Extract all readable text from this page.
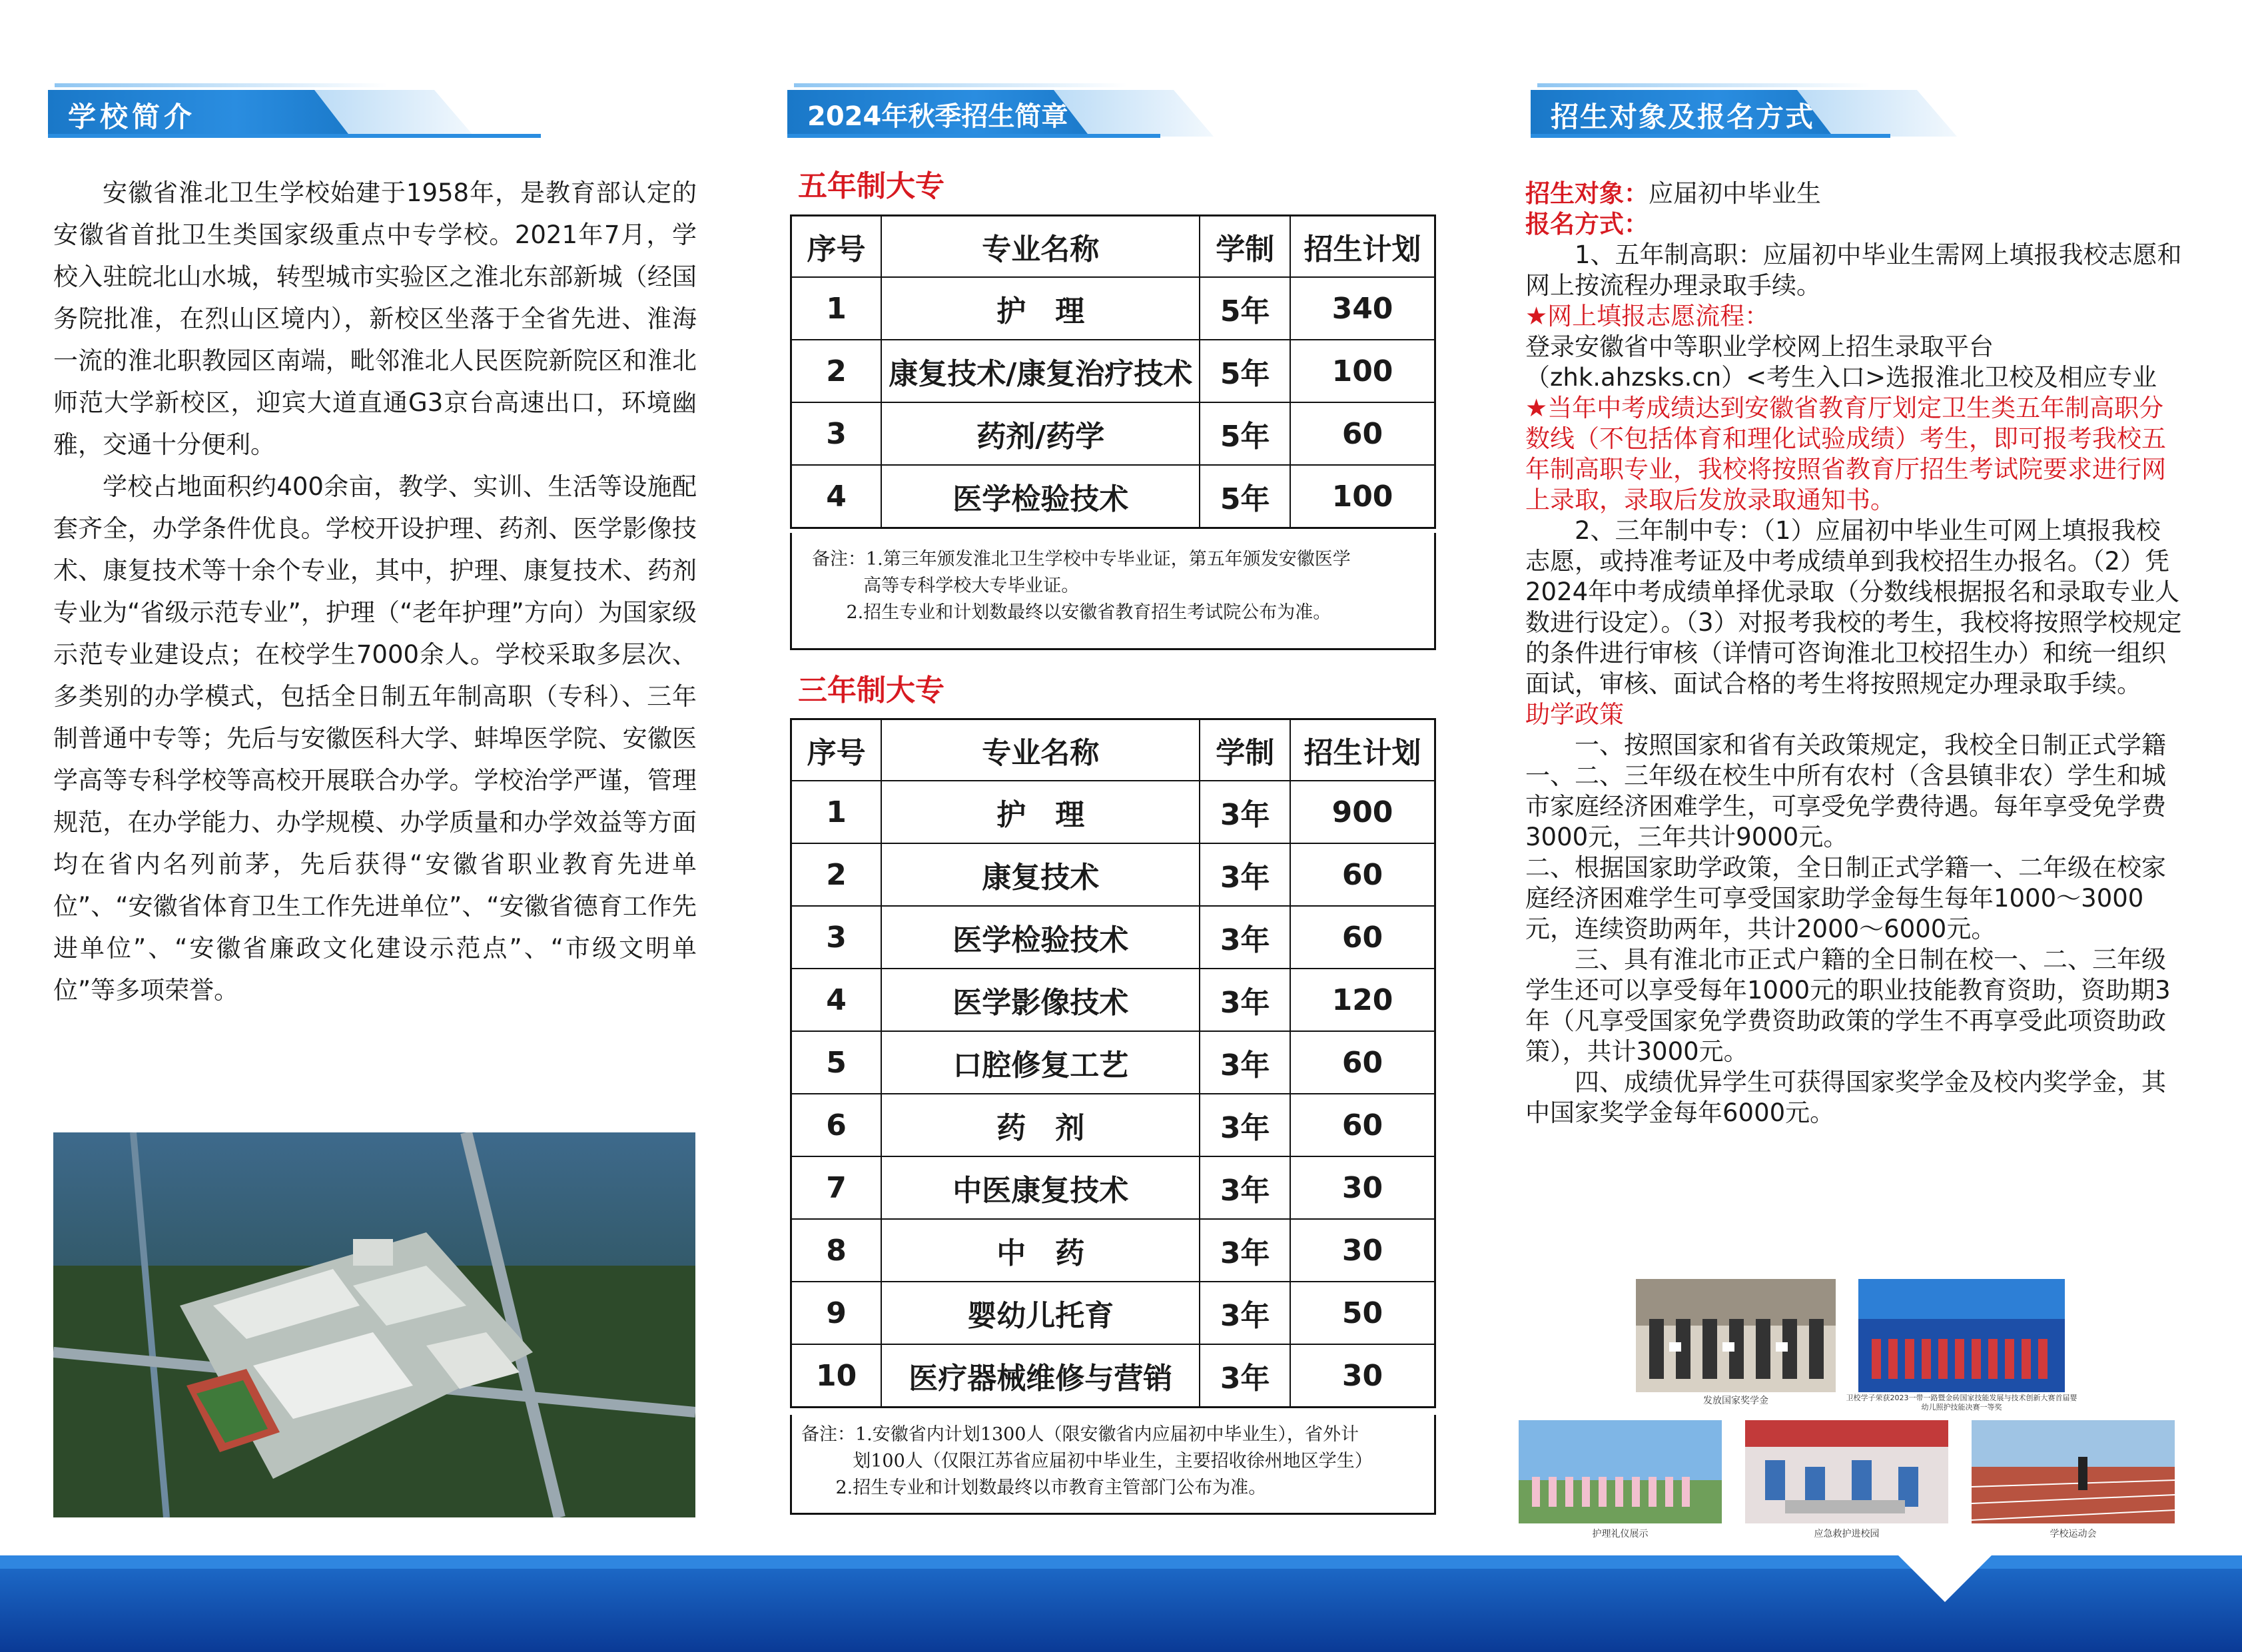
学校简介

安徽省淮北卫生学校始建于1958年，是教育部认定的安徽省首批卫生类国家级重点中专学校。2021年7月，学校入驻皖北山水城，转型城市实验区之淮北东部新城（经国务院批准，在烈山区境内），新校区坐落于全省先进、淮海一流的淮北职教园区南端，毗邻淮北人民医院新院区和淮北师范大学新校区，迎宾大道直通G3京台高速出口，环境幽雅，交通十分便利。

学校占地面积约400余亩，教学、实训、生活等设施配套齐全，办学条件优良。学校开设护理、药剂、医学影像技术、康复技术等十余个专业，其中，护理、康复技术、药剂专业为“省级示范专业”，护理（“老年护理”方向）为国家级示范专业建设点；在校学生7000余人。学校采取多层次、多类别的办学模式，包括全日制五年制高职（专科）、三年制普通中专等；先后与安徽医科大学、蚌埠医学院、安徽医学高等专科学校等高校开展联合办学。学校治学严谨，管理规范，在办学能力、办学规模、办学质量和办学效益等方面均在省内名列前茅，先后获得“安徽省职业教育先进单位”、“安徽省体育卫生工作先进单位”、“安徽省德育工作先进单位”、“安徽省廉政文化建设示范点”、“市级文明单位”等多项荣誉。

2024年秋季招生简章
五年制大专
序号	专业名称	学制	招生计划
1	护　理	5年	340
2	康复技术/康复治疗技术	5年	100
3	药剂/药学	5年	60
4	医学检验技术	5年	100
备注：1.第三年颁发淮北卫生学校中专毕业证，第五年颁发安徽医学
高等专科学校大专毕业证。
2.招生专业和计划数最终以安徽省教育招生考试院公布为准。
三年制大专
序号	专业名称	学制	招生计划
1	护　理	3年	900
2	康复技术	3年	60
3	医学检验技术	3年	60
4	医学影像技术	3年	120
5	口腔修复工艺	3年	60
6	药　剂	3年	60
7	中医康复技术	3年	30
8	中　药	3年	30
9	婴幼儿托育	3年	50
10	医疗器械维修与营销	3年	30
备注：1.安徽省内计划1300人（限安徽省内应届初中毕业生），省外计
划100人（仅限江苏省应届初中毕业生，主要招收徐州地区学生）
2.招生专业和计划数最终以市教育主管部门公布为准。
招生对象及报名方式
招生对象：应届初中毕业生
报名方式：
1、五年制高职：应届初中毕业生需网上填报我校志愿和网上按流程办理录取手续。
★网上填报志愿流程：
登录安徽省中等职业学校网上招生录取平台（zhk.ahzsks.cn）<考生入口>选报淮北卫校及相应专业
★当年中考成绩达到安徽省教育厅划定卫生类五年制高职分数线（不包括体育和理化试验成绩）考生，即可报考我校五年制高职专业，我校将按照省教育厅招生考试院要求进行网上录取，录取后发放录取通知书。
2、三年制中专：（1）应届初中毕业生可网上填报我校志愿，或持准考证及中考成绩单到我校招生办报名。（2）凭2024年中考成绩单择优录取（分数线根据报名和录取专业人数进行设定）。（3）对报考我校的考生，我校将按照学校规定的条件进行审核（详情可咨询淮北卫校招生办）和统一组织面试，审核、面试合格的考生将按照规定办理录取手续。
助学政策
一、按照国家和省有关政策规定，我校全日制正式学籍一、二、三年级在校生中所有农村（含县镇非农）学生和城市家庭经济困难学生，可享受免学费待遇。每年享受免学费3000元，三年共计9000元。
二、根据国家助学政策，全日制正式学籍一、二年级在校家庭经济困难学生可享受国家助学金每生每年1000～3000元，连续资助两年，共计2000～6000元。
三、具有淮北市正式户籍的全日制在校一、二、三年级学生还可以享受每年1000元的职业技能教育资助，资助期3年（凡享受国家免学费资助政策的学生不再享受此项资助政策），共计3000元。
四、成绩优异学生可获得国家奖学金及校内奖学金，其中国家奖学金每年6000元。
发放国家奖学金	卫校学子荣获2023一带一路暨金砖国家技能发展与技术创新大赛首届婴幼儿照护技能决赛一等奖
护理礼仪展示	应急救护进校园	学校运动会
